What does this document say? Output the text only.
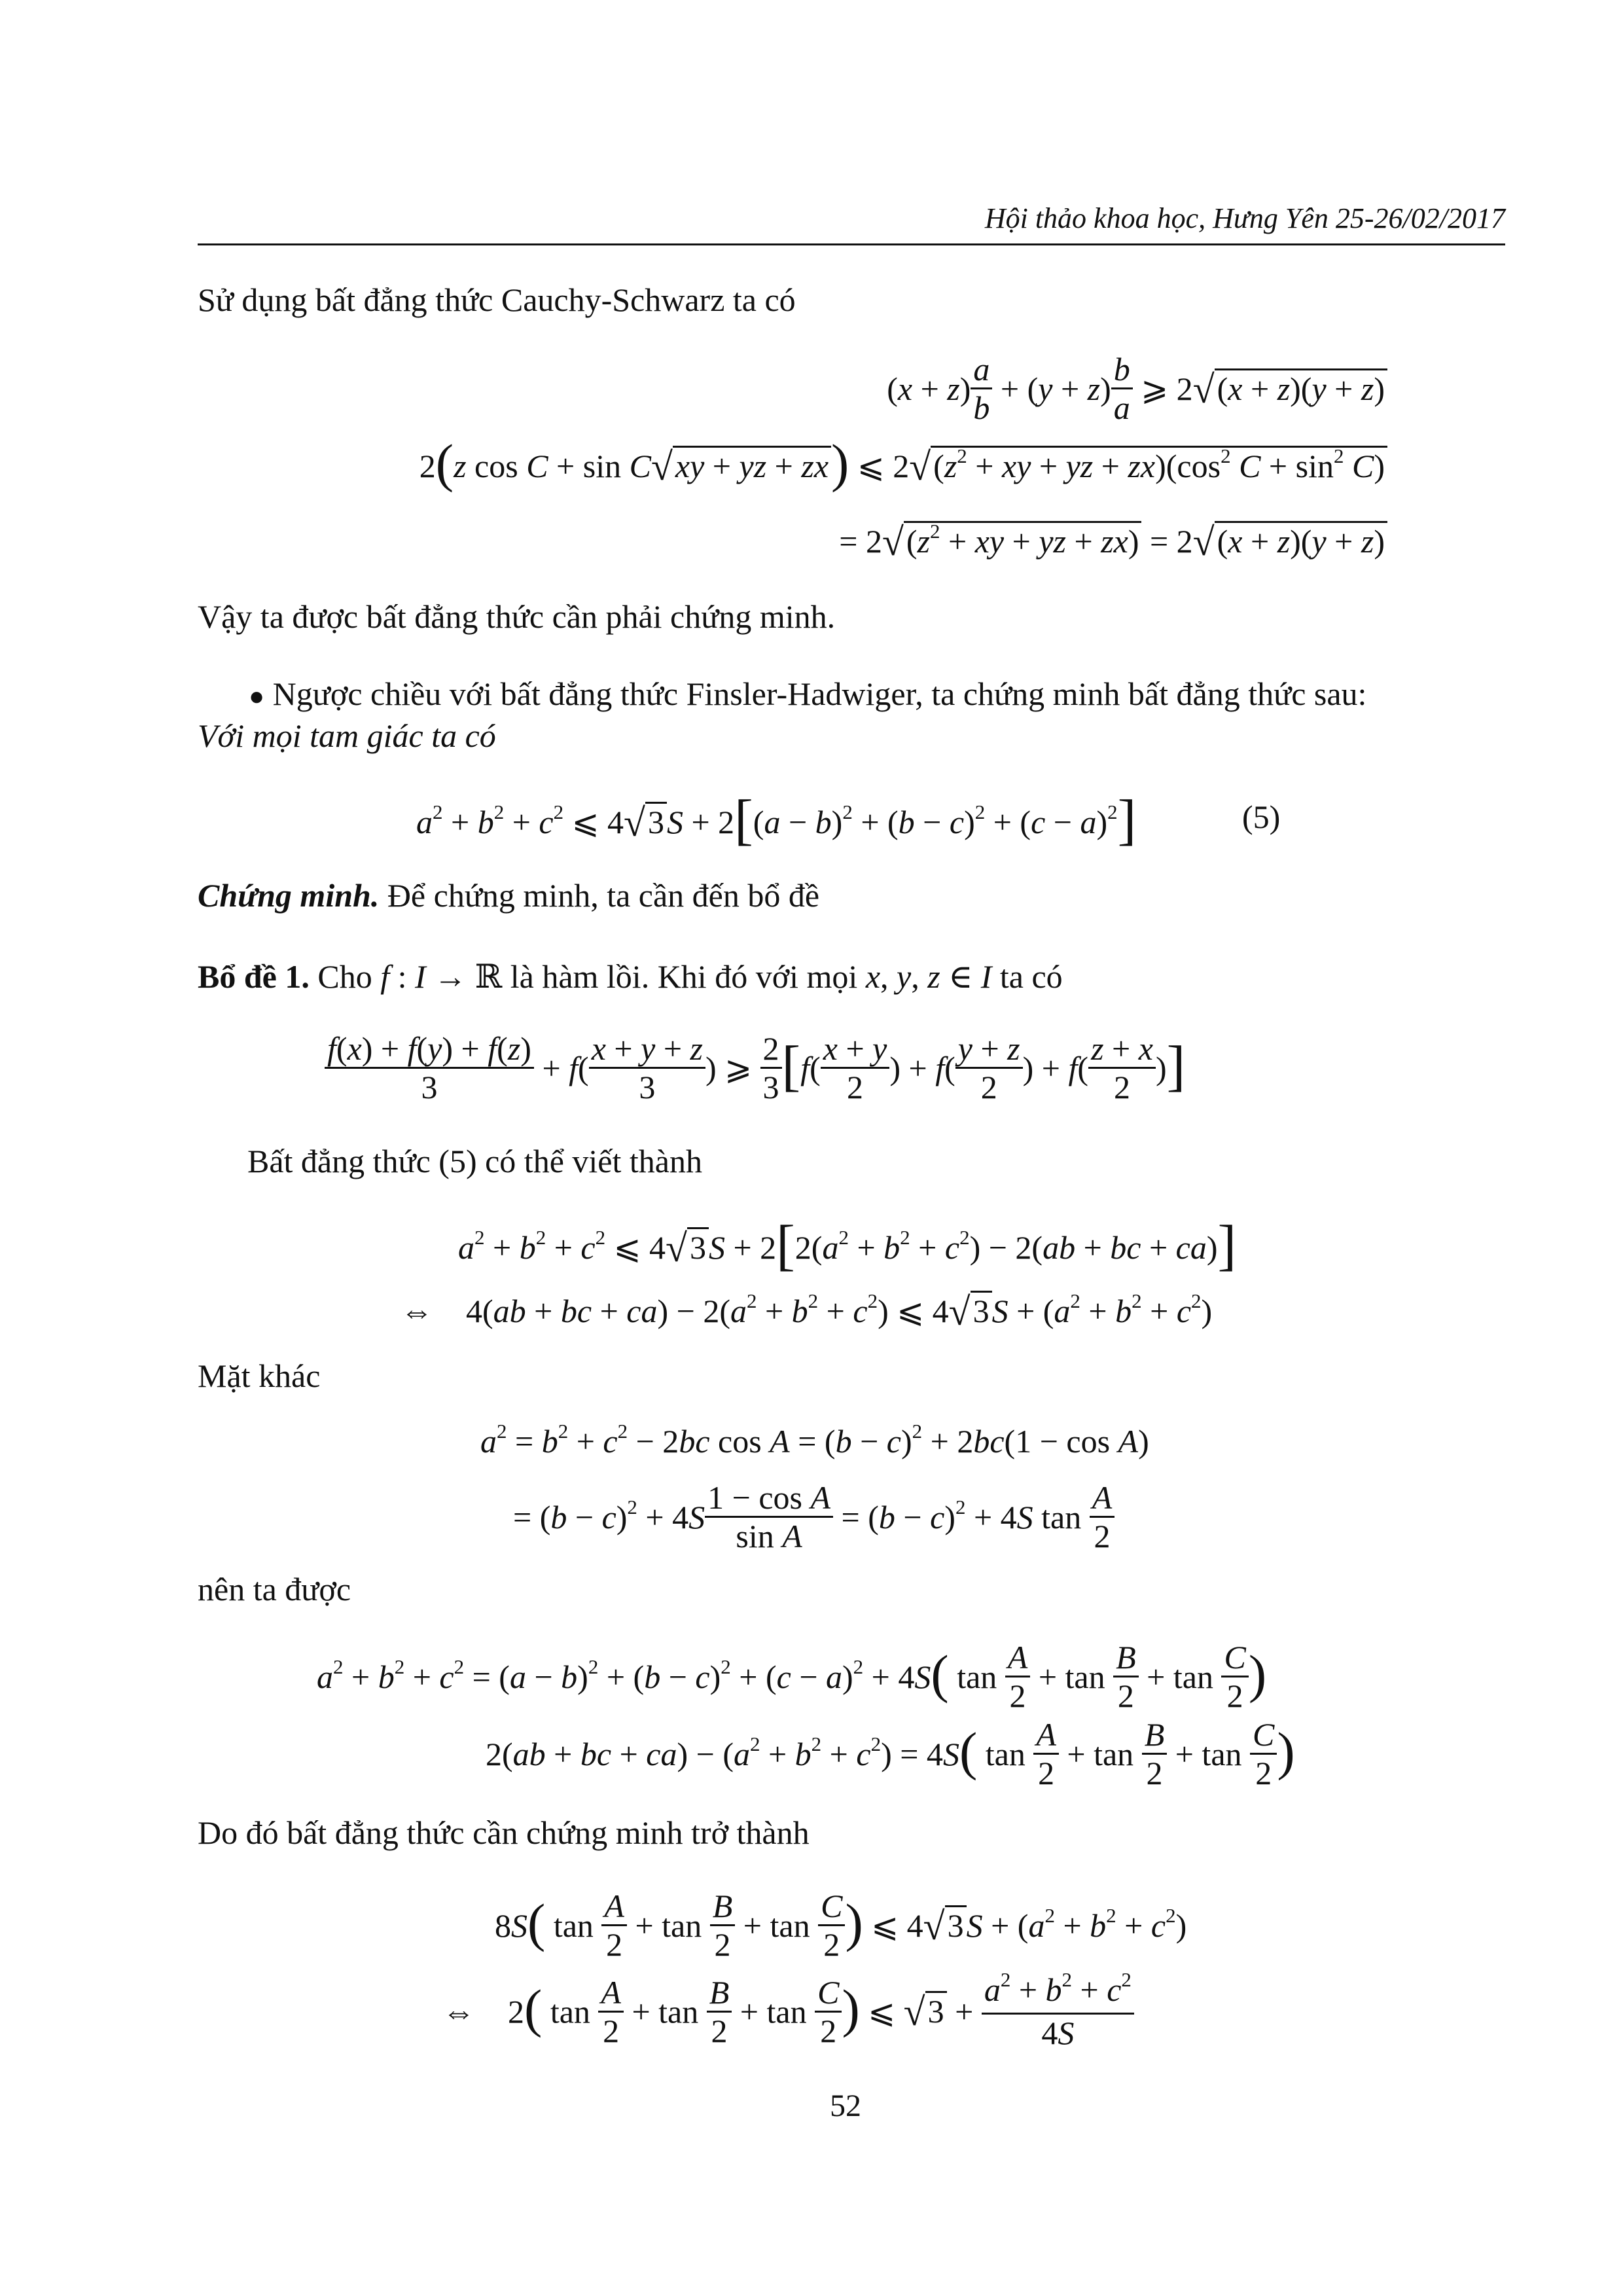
Hội thảo khoa học, Hưng Yên 25-26/02/2017
Sử dụng bất đẳng thức Cauchy-Schwarz ta có
$(x + z) \frac{a}{b} + (y + z) \frac{b}{a}$ ⩾ 2√(x + z)(y + z)
2(z cos C + sin C√xy + yz + zx) ⩽ $2√(z^2$ + xy + yz + $zx)(\cos^2$ $C + \sin^2 C$)
= $2√(z^2$ + xy + yz + zx) = 2√(x + z)(y + z)
Vậy ta được bất đẳng thức cần phải chứng minh.
● Ngược chiều với bất đẳng thức Finsler-Hadwiger, ta chứng minh bất đẳng thức sau:
Với mọi tam giác ta có
$a^2 + b^2 + c^2$ ⩽ $4√3S + 2[(a - b)^2 + (b - c)^2 + (c - a)^2]$	(5)
Chứng minh. Để chứng minh, ta cần đến bổ đề
Bổ đề 1. Cho f : I → ℝ là hàm lồi. Khi đó với mọi x, y, z ∈ I ta có
$\frac{f(x) + f(y) + f(z)}{3} + f( \frac{x + y + z}{3}$ ) ⩾ $\frac{2}{3} [f( \frac{x + y}{2}$ ) + $f( \frac{y + z}{2}$ ) + $f( \frac{z + x}{2}$ )]
Bất đẳng thức (5) có thể viết thành
$a^2 + b^2 + c^2$ ⩽ $4√3S + 2[2(a^2 + b^2 + c^2) - 2(ab$ + bc + ca)]
⇔    4(ab + bc + $ca) - 2(a^2 + b^2 + c^2)$ ⩽ $4√3S + (a^2 + b^2 + c^2)$
Mặt khác
$a^2 = b^2 + c^2 - 2bc$ $\cos A = (b - c)^2 + 2bc(1 - \cos A)$
= $(b - c)^2 + 4S \frac{\text{1 − cos A}}{\text{sin A}} = (b - c)^2 + 4S$ $\tan \frac{A}{2}$
nên ta được
$a^2 + b^2 + c^2 = (a - b)^2 + (b - c)^2 + (c - a)^2 + 4S$( $\tan \frac{A}{2} + \tan \frac{B}{2} + \tan \frac{C}{2}$ )
2(ab + bc + $ca) - (a^2 + b^2 + c^2) = 4S$( $\tan \frac{A}{2} + \tan \frac{B}{2} + \tan \frac{C}{2}$ )
Do đó bất đẳng thức cần chứng minh trở thành
8S( $\tan \frac{A}{2} + \tan \frac{B}{2} + \tan \frac{C}{2}$ ) ⩽ $4√3S + (a^2 + b^2 + c^2)$
⇔    2( $\tan \frac{A}{2} + \tan \frac{B}{2} + \tan \frac{C}{2}$ ) ⩽ $√3 + \frac{a^2 + b^2 + c^2}{4S}$
52
